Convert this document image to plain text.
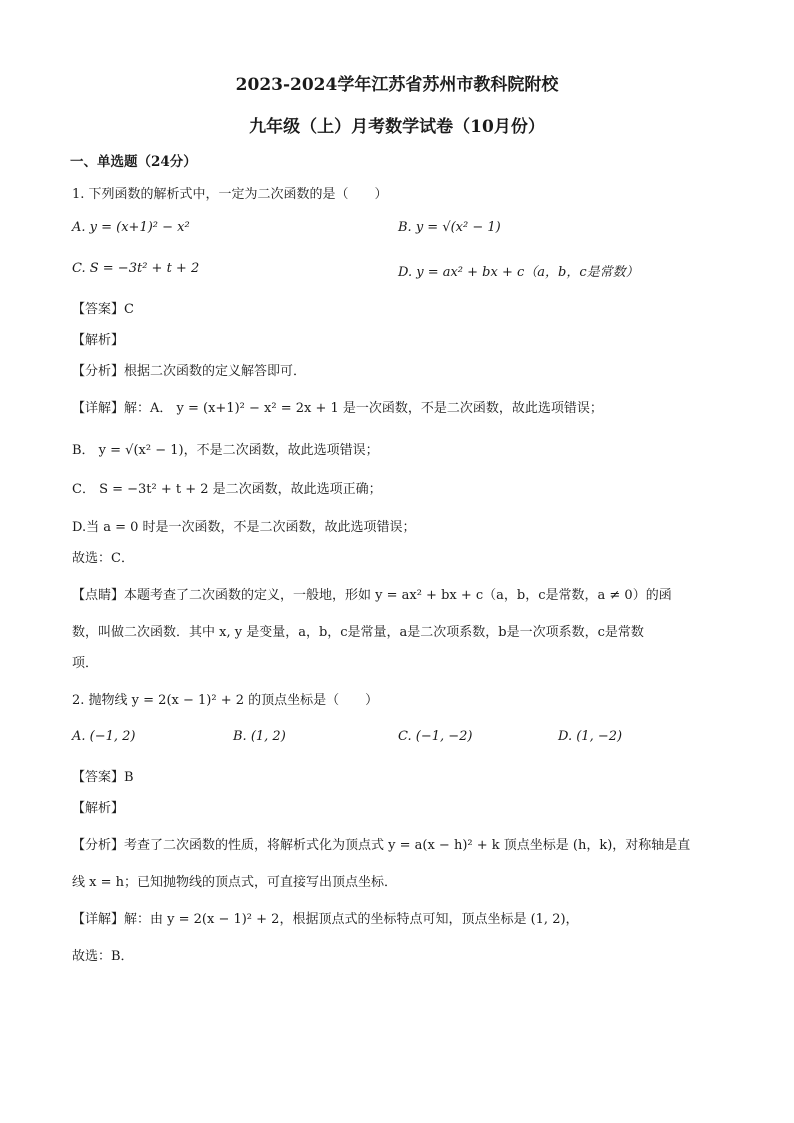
2023-2024学年江苏省苏州市教科院附校
九年级（上）月考数学试卷（10月份）
一、单选题（24分）
1. 下列函数的解析式中，一定为二次函数的是（　　）
A. y = (x+1)² − x²	B. y = √(x² − 1)
C. S = −3t² + t + 2	D. y = ax² + bx + c（a，b，c是常数）
【答案】C
【解析】
【分析】根据二次函数的定义解答即可．
【详解】解：A． y = (x+1)² − x² = 2x + 1 是一次函数，不是二次函数，故此选项错误；
B． y = √(x² − 1)，不是二次函数，故此选项错误；
C． S = −3t² + t + 2 是二次函数，故此选项正确；
D.当 a = 0 时是一次函数，不是二次函数，故此选项错误；
故选：C．
【点睛】本题考查了二次函数的定义，一般地，形如 y = ax² + bx + c（a，b，c是常数，a ≠ 0）的函
数，叫做二次函数．其中 x, y 是变量，a，b，c是常量，a是二次项系数，b是一次项系数，c是常数
项．
2. 抛物线 y = 2(x − 1)² + 2 的顶点坐标是（　　）
A. (−1, 2)	B. (1, 2)	C. (−1, −2)	D. (1, −2)
【答案】B
【解析】
【分析】考查了二次函数的性质，将解析式化为顶点式 y = a(x − h)² + k 顶点坐标是 (h，k)，对称轴是直
线 x = h；已知抛物线的顶点式，可直接写出顶点坐标．
【详解】解：由 y = 2(x − 1)² + 2，根据顶点式的坐标特点可知，顶点坐标是 (1, 2)，
故选：B．
